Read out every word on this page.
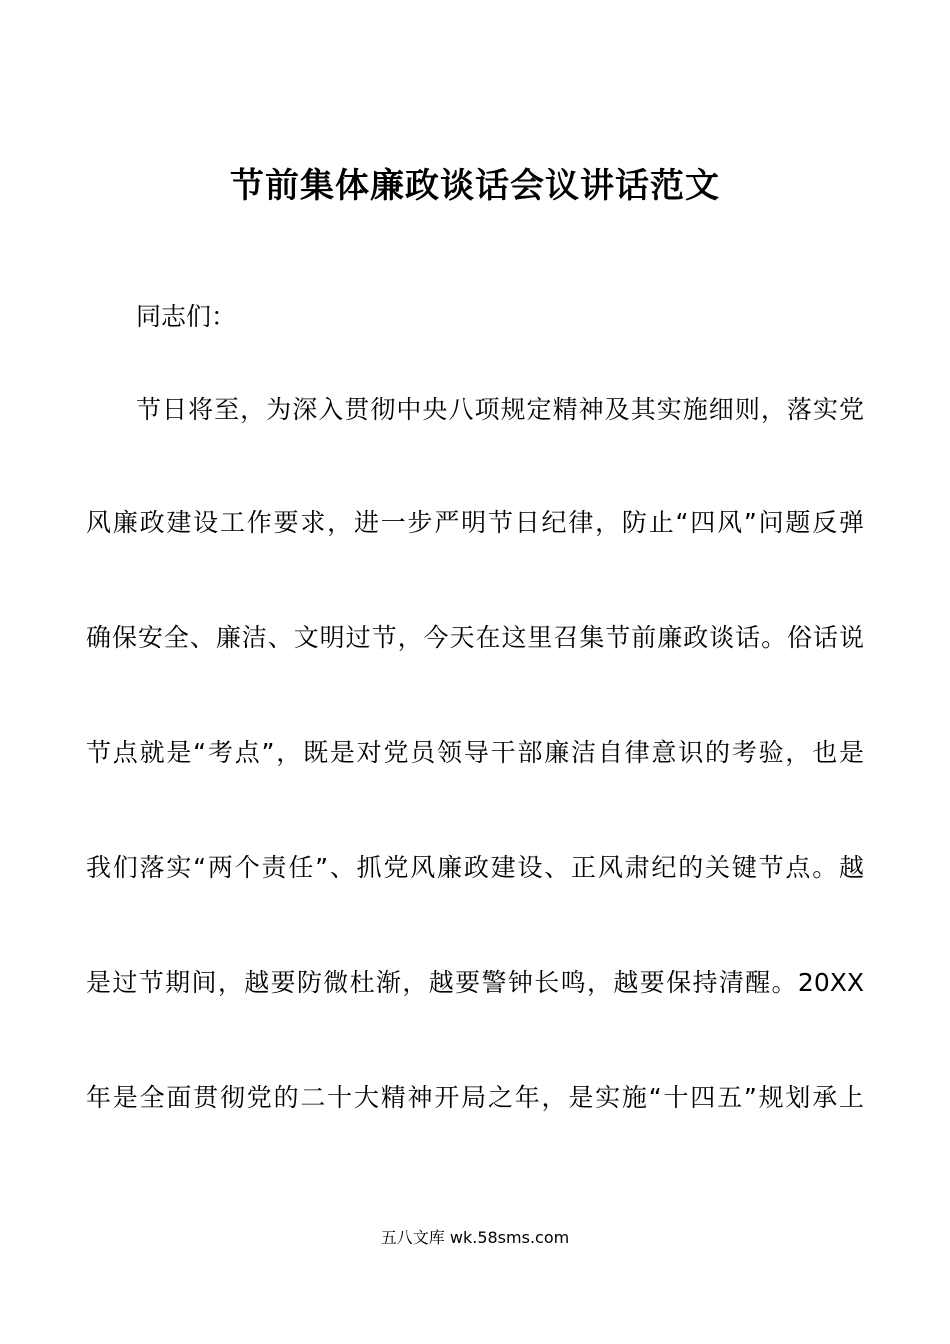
节前集体廉政谈话会议讲话范文

同志们：

节日将至，为深入贯彻中央八项规定精神及其实施细则，落实党

风廉政建设工作要求，进一步严明节日纪律，防止“四风”问题反弹

确保安全、廉洁、文明过节，今天在这里召集节前廉政谈话。俗话说

节点就是“考点”，既是对党员领导干部廉洁自律意识的考验，也是

我们落实“两个责任”、抓党风廉政建设、正风肃纪的关键节点。越

是过节期间，越要防微杜渐，越要警钟长鸣，越要保持清醒。20XX

年是全面贯彻党的二十大精神开局之年，是实施“十四五”规划承上

五八文库 wk.58sms.com
